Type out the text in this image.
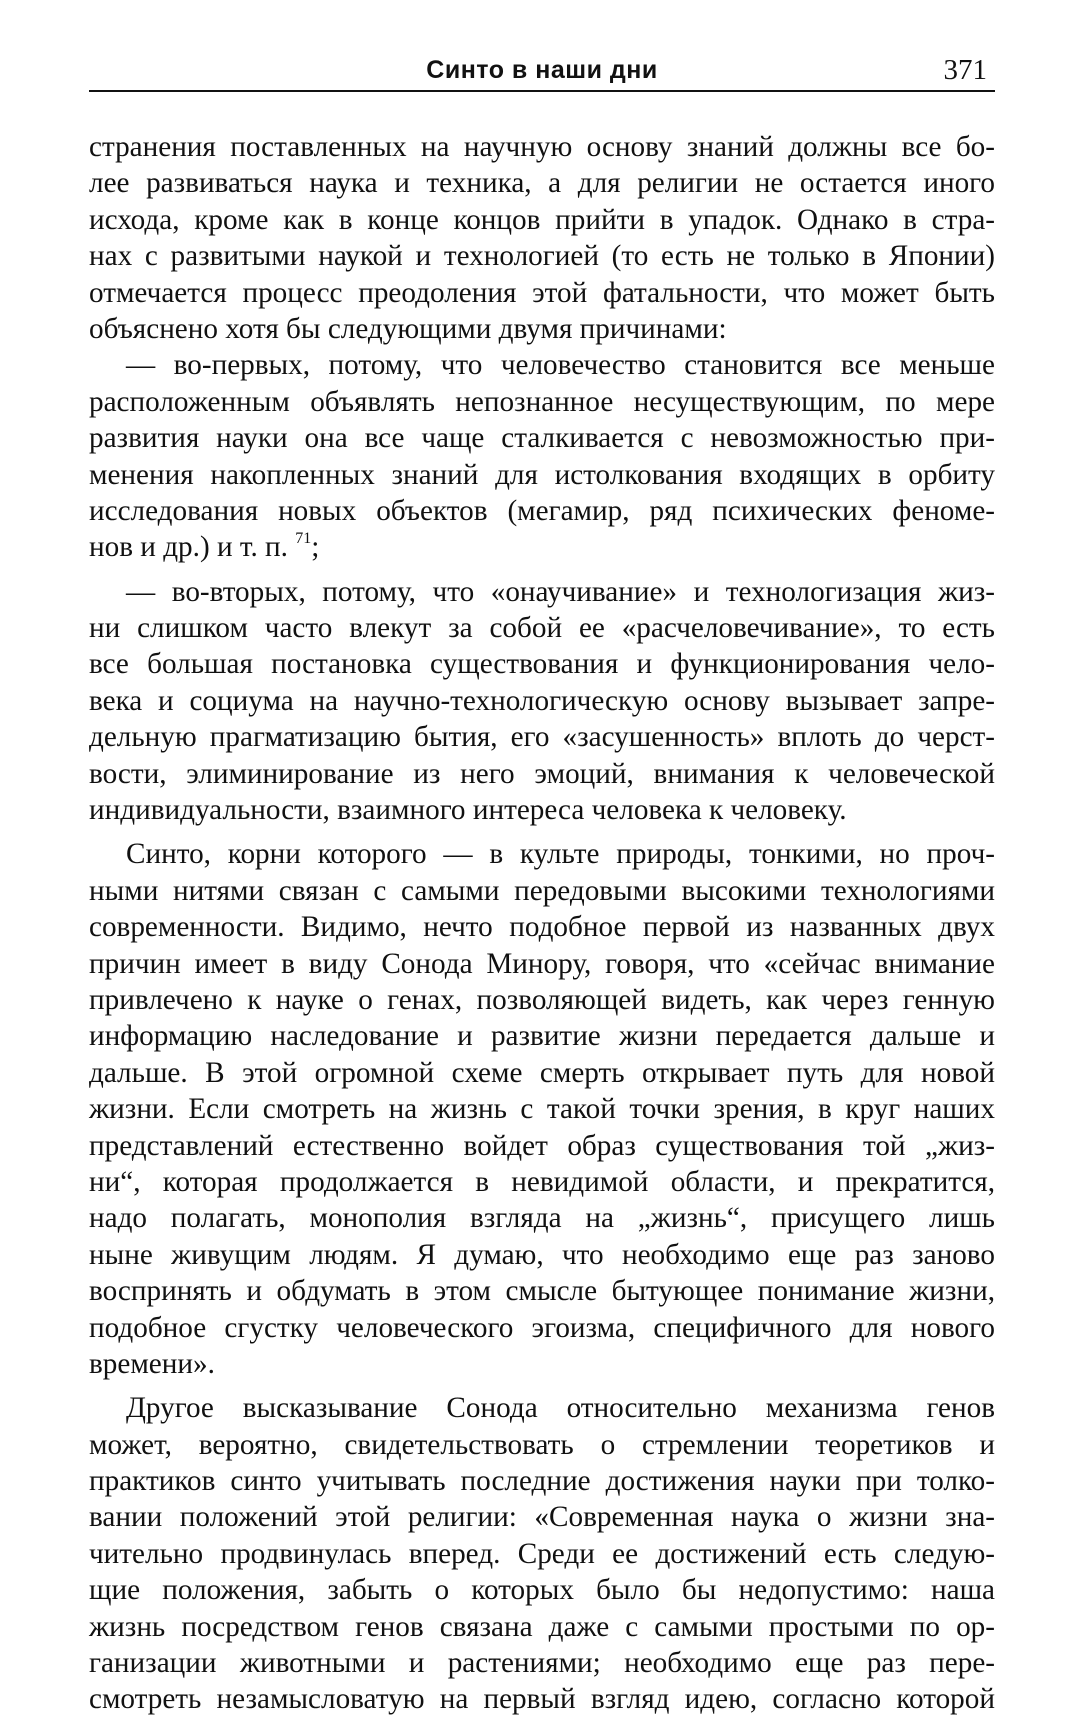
Синто в наши дни	371
странения поставленных на научную основу знаний должны все бо-
лее развиваться наука и техника, а для религии не остается иного
исхода, кроме как в конце концов прийти в упадок. Однако в стра-
нах с развитыми наукой и технологией (то есть не только в Японии)
отмечается процесс преодоления этой фатальности, что может быть
объяснено хотя бы следующими двумя причинами:
— во-первых, потому, что человечество становится все меньше
расположенным объявлять непознанное несуществующим, по мере
развития науки она все чаще сталкивается с невозможностью при-
менения накопленных знаний для истолкования входящих в орбиту
исследования новых объектов (мегамир, ряд психических феноме-
нов и др.) и т. п. $^{71}$;
— во-вторых, потому, что «онаучивание» и технологизация жиз-
ни слишком часто влекут за собой ее «расчеловечивание», то есть
все большая постановка существования и функционирования чело-
века и социума на научно-технологическую основу вызывает запре-
дельную прагматизацию бытия, его «засушенность» вплоть до черст-
вости, элиминирование из него эмоций, внимания к человеческой
индивидуальности, взаимного интереса человека к человеку.
Синто, корни которого — в культе природы, тонкими, но проч-
ными нитями связан с самыми передовыми высокими технологиями
современности. Видимо, нечто подобное первой из названных двух
причин имеет в виду Сонода Минору, говоря, что «сейчас внимание
привлечено к науке о генах, позволяющей видеть, как через генную
информацию наследование и развитие жизни передается дальше и
дальше. В этой огромной схеме смерть открывает путь для новой
жизни. Если смотреть на жизнь с такой точки зрения, в круг наших
представлений естественно войдет образ существования той „жиз-
ни“, которая продолжается в невидимой области, и прекратится,
надо полагать, монополия взгляда на „жизнь“, присущего лишь
ныне живущим людям. Я думаю, что необходимо еще раз заново
воспринять и обдумать в этом смысле бытующее понимание жизни,
подобное сгустку человеческого эгоизма, специфичного для нового
времени».
Другое высказывание Сонода относительно механизма генов
может, вероятно, свидетельствовать о стремлении теоретиков и
практиков синто учитывать последние достижения науки при толко-
вании положений этой религии: «Современная наука о жизни зна-
чительно продвинулась вперед. Среди ее достижений есть следую-
щие положения, забыть о которых было бы недопустимо: наша
жизнь посредством генов связана даже с самыми простыми по ор-
ганизации животными и растениями; необходимо еще раз пере-
смотреть незамысловатую на первый взгляд идею, согласно которой
